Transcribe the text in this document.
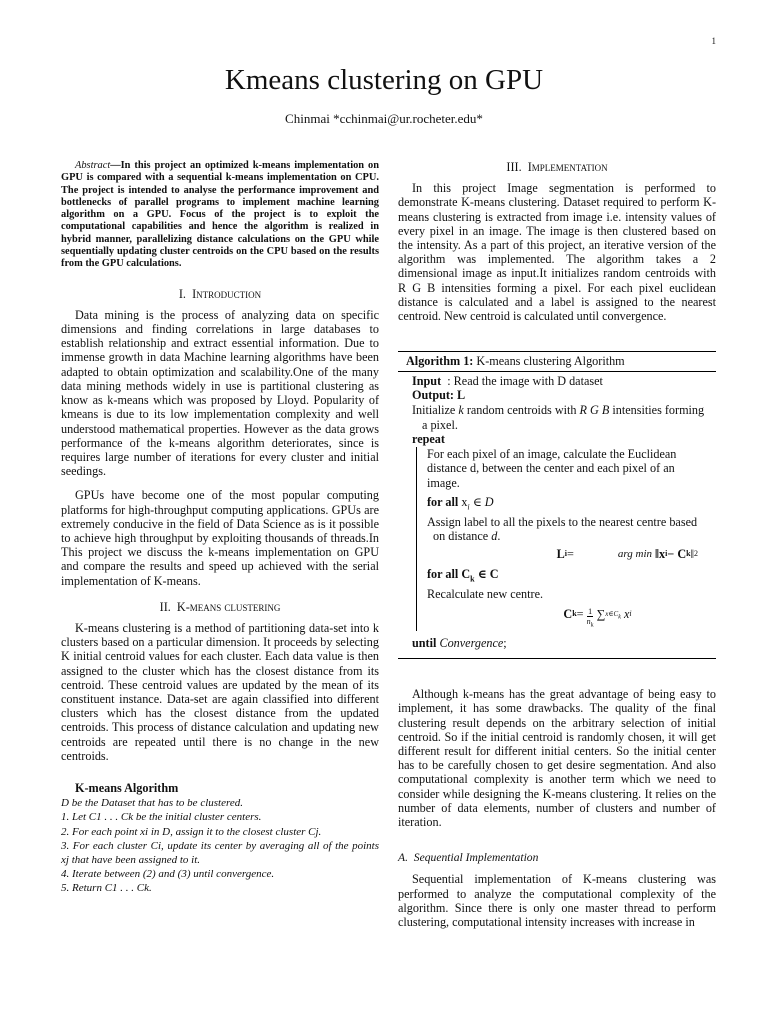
1
Kmeans clustering on GPU
Chinmai *cchinmai@ur.rocheter.edu*
Abstract—In this project an optimized k-means implementation on GPU is compared with a sequential k-means implementation on CPU. The project is intended to analyse the performance improvement and bottlenecks of parallel programs to implement machine learning algorithm on a GPU. Focus of the project is to exploit the computational capabilities and hence the algorithm is realized in hybrid manner, parallelizing distance calculations on the GPU while sequentially updating cluster centroids on the CPU based on the results from the GPU calculations.
I. Introduction

Data mining is the process of analyzing data on specific dimensions and finding correlations in large databases to establish relationship and extract essential information. Due to immense growth in data Machine learning algorithms have been adapted to obtain optimization and scalability.One of the many data mining methods widely in use is partitional clustering as know as k-means which was proposed by Lloyd. Popularity of kmeans is due to its low implementation complexity and well understood mathematical properties. However as the data grows performance of the k-means algorithm deteriorates, since is requires large number of iterations for every cluster and initial seedings.

GPUs have become one of the most popular computing platforms for high-throughput computing applications. GPUs are extremely conducive in the field of Data Science as is it possible to achieve high throughput by exploiting thousands of threads.In This project we discuss the k-means implementation on GPU and compare the results and speed up achieved with the serial implementation of K-means.

II. K-means clustering

K-means clustering is a method of partitioning data-set into k clusters based on a particular dimension. It proceeds by selecting K initial centroid values for each cluster. Each data value is then assigned to the cluster which has the closest distance from its centroid. These centroid values are updated by the mean of its constituent instance. Data-set are again classified into different clusters which has the closest distance from the updated centroids. This process of distance calculation and updating new centroids are repeated until there is no change in the new centroids.

K-means Algorithm
D be the Dataset that has to be clustered.
1. Let C1 . . . Ck be the initial cluster centers.
2. For each point xi in D, assign it to the closest cluster Cj.
3. For each cluster Ci, update its center by averaging all of the points xj that have been assigned to it.
4. Iterate between (2) and (3) until convergence.
5. Return C1 . . . Ck.
III. Implementation

In this project Image segmentation is performed to demonstrate K-means clustering. Dataset required to perform K-means clustering is extracted from image i.e. intensity values of every pixel in an image. The image is then clustered based on the intensity. As a part of this project, an iterative version of the algorithm was implemented. The algorithm takes a 2 dimensional image as input.It initializes random centroids with R G B intensities forming a pixel. For each pixel euclidean distance is calculated and a label is assigned to the nearest centroid. New centroid is calculated until convergence.

Algorithm 1: K-means clustering Algorithm
Input : Read the image with D dataset
Output: L
Initialize k random centroids with R G B intensities forming a pixel.
repeat
For each pixel of an image, calculate the Euclidean distance d, between the center and each pixel of an image.
for all $x_i$ ∈ D
Assign label to all the pixels to the nearest centre based on distance d.
L i =	arg min
‖x i − C k ‖ 2
for all $C_k$ ∈ C
Recalculate new centre.
C k =
$\frac{1}{n_k}$ ∑ $x\in C_k$
x i
until Convergence;

Although k-means has the great advantage of being easy to implement, it has some drawbacks. The quality of the final clustering result depends on the arbitrary selection of initial centroid. So if the initial centroid is randomly chosen, it will get different result for different initial centers. So the initial center has to be carefully chosen to get desire segmentation. And also computational complexity is another term which we need to consider while designing the K-means clustering. It relies on the number of data elements, number of clusters and number of iteration.

A. Sequential Implementation

Sequential implementation of K-means clustering was performed to analyze the computational complexity of the algorithm. Since there is only one master thread to perform clustering, computational intensity increases with increase in
